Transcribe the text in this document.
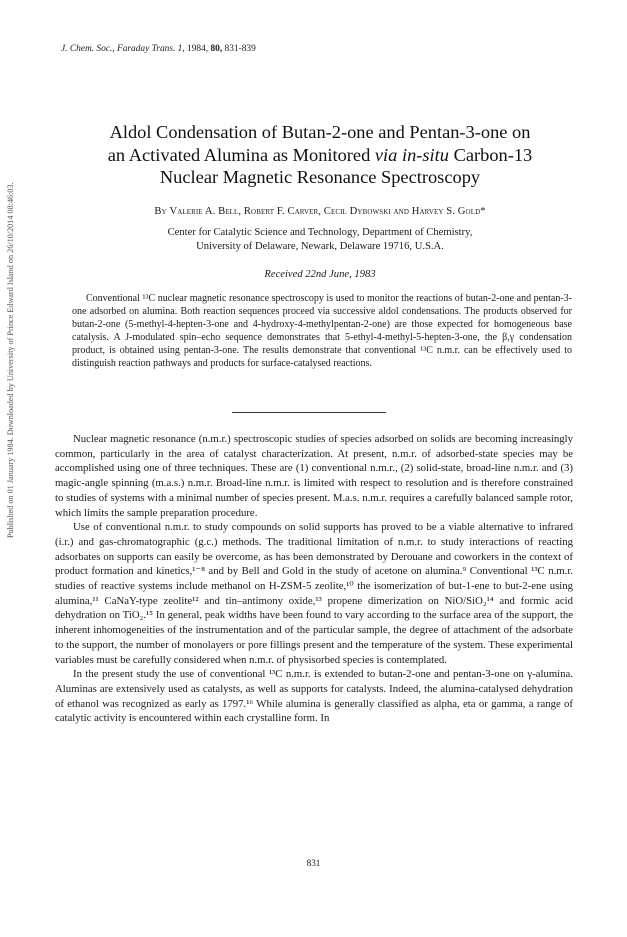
Published on 01 January 1984. Downloaded by University of Prince Edward Island on 26/10/2014 08:46:03.
J. Chem. Soc., Faraday Trans. 1, 1984, 80, 831-839
Aldol Condensation of Butan-2-one and Pentan-3-one on
an Activated Alumina as Monitored via in-situ Carbon-13
Nuclear Magnetic Resonance Spectroscopy
By Valerie A. Bell, Robert F. Carver, Cecil Dybowski and Harvey S. Gold*
Center for Catalytic Science and Technology, Department of Chemistry,
University of Delaware, Newark, Delaware 19716, U.S.A.
Received 22nd June, 1983

Conventional ¹³C nuclear magnetic resonance spectroscopy is used to monitor the reactions of butan-2-one and pentan-3-one adsorbed on alumina. Both reaction sequences proceed via successive aldol condensations. The products observed for butan-2-one (5-methyl-4-hepten-3-one and 4-hydroxy-4-methylpentan-2-one) are those expected for homogeneous base catalysis. A J-modulated spin–echo sequence demonstrates that 5-ethyl-4-methyl-5-hepten-3-one, the β,γ condensation product, is obtained using pentan-3-one. The results demonstrate that conventional ¹³C n.m.r. can be effectively used to distinguish reaction pathways and products for surface-catalysed reactions.

Nuclear magnetic resonance (n.m.r.) spectroscopic studies of species adsorbed on solids are becoming increasingly common, particularly in the area of catalyst characterization. At present, n.m.r. of adsorbed-state species may be accomplished using one of three techniques. These are (1) conventional n.m.r., (2) solid-state, broad-line n.m.r. and (3) magic-angle spinning (m.a.s.) n.m.r. Broad-line n.m.r. is limited with respect to resolution and is therefore constrained to studies of systems with a minimal number of species present. M.a.s. n.m.r. requires a carefully balanced sample rotor, which limits the sample preparation procedure.

Use of conventional n.m.r. to study compounds on solid supports has proved to be a viable alternative to infrared (i.r.) and gas-chromatographic (g.c.) methods. The traditional limitation of n.m.r. to study interactions of reacting adsorbates on supports can easily be overcome, as has been demonstrated by Derouane and coworkers in the context of product formation and kinetics,¹⁻⁸ and by Bell and Gold in the study of acetone on alumina.⁹ Conventional ¹³C n.m.r. studies of reactive systems include methanol on H-ZSM-5 zeolite,¹⁰ the isomerization of but-1-ene to but-2-ene using alumina,¹¹ CaNaY-type zeolite¹² and tin–antimony oxide,¹³ propene dimerization on NiO/SiO₂¹⁴ and formic acid dehydration on TiO₂.¹⁵ In general, peak widths have been found to vary according to the surface area of the support, the inherent inhomogeneities of the instrumentation and of the particular sample, the degree of attachment of the adsorbate to the support, the number of monolayers or pore fillings present and the temperature of the system. These experimental variables must be carefully considered when n.m.r. of physisorbed species is contemplated.

In the present study the use of conventional ¹³C n.m.r. is extended to butan-2-one and pentan-3-one on γ-alumina. Aluminas are extensively used as catalysts, as well as supports for catalysts. Indeed, the alumina-catalysed dehydration of ethanol was recognized as early as 1797.¹⁶ While alumina is generally classified as alpha, eta or gamma, a range of catalytic activity is encountered within each crystalline form. In

831
